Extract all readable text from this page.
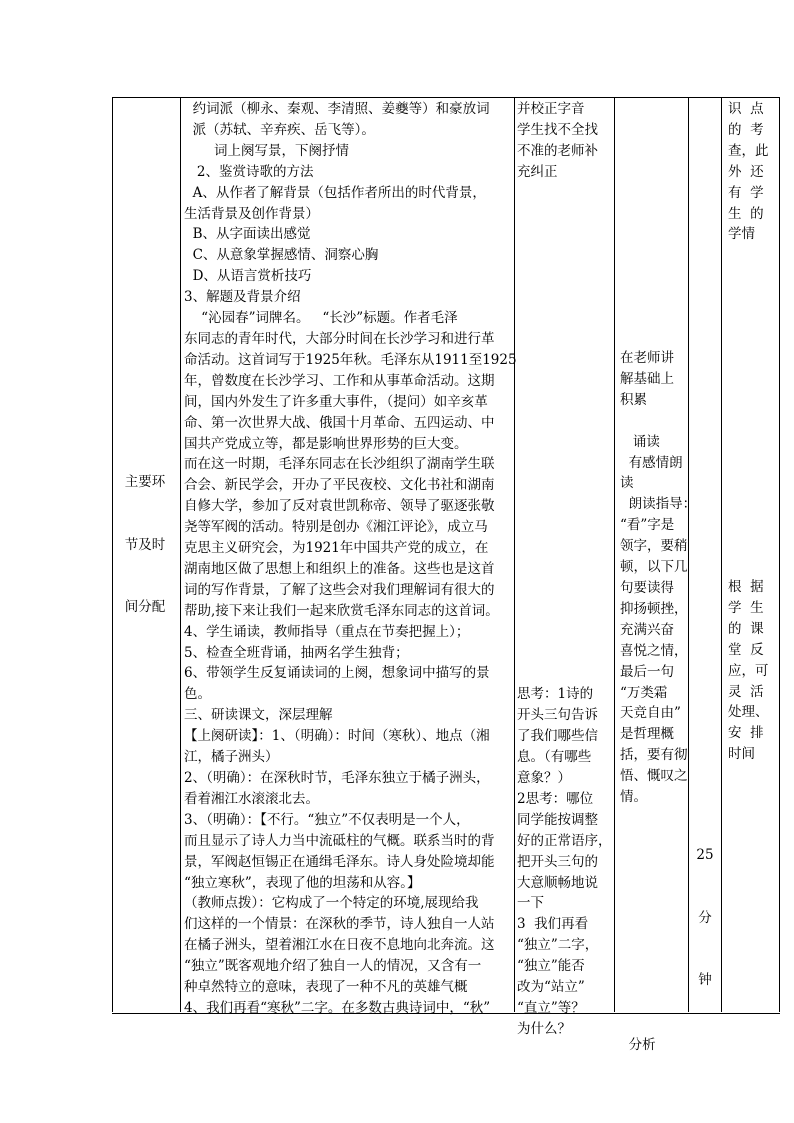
主要环

节及时

间分配

约词派（柳永、秦观、李清照、姜夔等）和豪放词
派（苏轼、辛弃疾、岳飞等）。
词上阕写景，下阕抒情
2、鉴赏诗歌的方法
A、从作者了解背景（包括作者所出的时代背景，
生活背景及创作背景）
B、从字面读出感觉
C、从意象掌握感情、洞察心胸
D、从语言赏析技巧
3、解题及背景介绍
“沁园春”词牌名。   “长沙”标题。作者毛泽
东同志的青年时代，大部分时间在长沙学习和进行革
命活动。这首词写于1925年秋。毛泽东从1911至1925
年，曾数度在长沙学习、工作和从事革命活动。这期
间，国内外发生了许多重大事件，（提问）如辛亥革
命、第一次世界大战、俄国十月革命、五四运动、中
国共产党成立等，都是影响世界形势的巨大变。
而在这一时期，毛泽东同志在长沙组织了湖南学生联
合会、新民学会，开办了平民夜校、文化书社和湖南
自修大学，参加了反对袁世凯称帝、领导了驱逐张敬
尧等军阀的活动。特别是创办《湘江评论》，成立马
克思主义研究会，为1921年中国共产党的成立，在
湖南地区做了思想上和组织上的准备。这些也是这首
词的写作背景，了解了这些会对我们理解词有很大的
帮助,接下来让我们一起来欣赏毛泽东同志的这首词。
4、学生诵读，教师指导（重点在节奏把握上）；
5、检查全班背诵，抽两名学生独背；
6、带领学生反复诵读词的上阕，想象词中描写的景
色。
三、研读课文，深层理解
【上阕研读】：1、（明确）：时间（寒秋）、地点（湘
江，橘子洲头）
2、（明确）：在深秋时节，毛泽东独立于橘子洲头，
看着湘江水滚滚北去。
3、（明确）：【不行。“独立”不仅表明是一个人，
而且显示了诗人力当中流砥柱的气概。联系当时的背
景，军阀赵恒锡正在通缉毛泽东。诗人身处险境却能
“独立寒秋”，表现了他的坦荡和从容。】
（教师点拨）：它构成了一个特定的环境,展现给我
们这样的一个情景：在深秋的季节，诗人独自一人站
在橘子洲头，望着湘江水在日夜不息地向北奔流。这
“独立”既客观地介绍了独自一人的情况，又含有一
种卓然特立的意味，表现了一种不凡的英雄气概
4、我们再看“寒秋”二字。在多数古典诗词中，“秋”
并校正字音
学生找不全找
不准的老师补
充纠正

思考：1诗的
开头三句告诉
了我们哪些信
息。（有哪些
意象？）
2思考：哪位
同学能按调整
好的正常语序，
把开头三句的
大意顺畅地说
一下
3  我们再看
“独立”二字，
“独立”能否
改为“站立”
“直立”等？
为什么？
在老师讲
解基础上
积累

诵读
有感情朗
读
朗读指导：
“看”字是
领字，要稍
顿，以下几
句要读得
抑扬顿挫，
充满兴奋
喜悦之情，
最后一句
“万类霜
天竞自由”
是哲理概
括，要有彻
悟、慨叹之
情。

分析

25

分

钟

识  点
的  考
查，此
外  还
有  学
生  的
学情
根  据
学  生
的  课
堂  反
应，可
灵  活
处理、
安  排
时间
